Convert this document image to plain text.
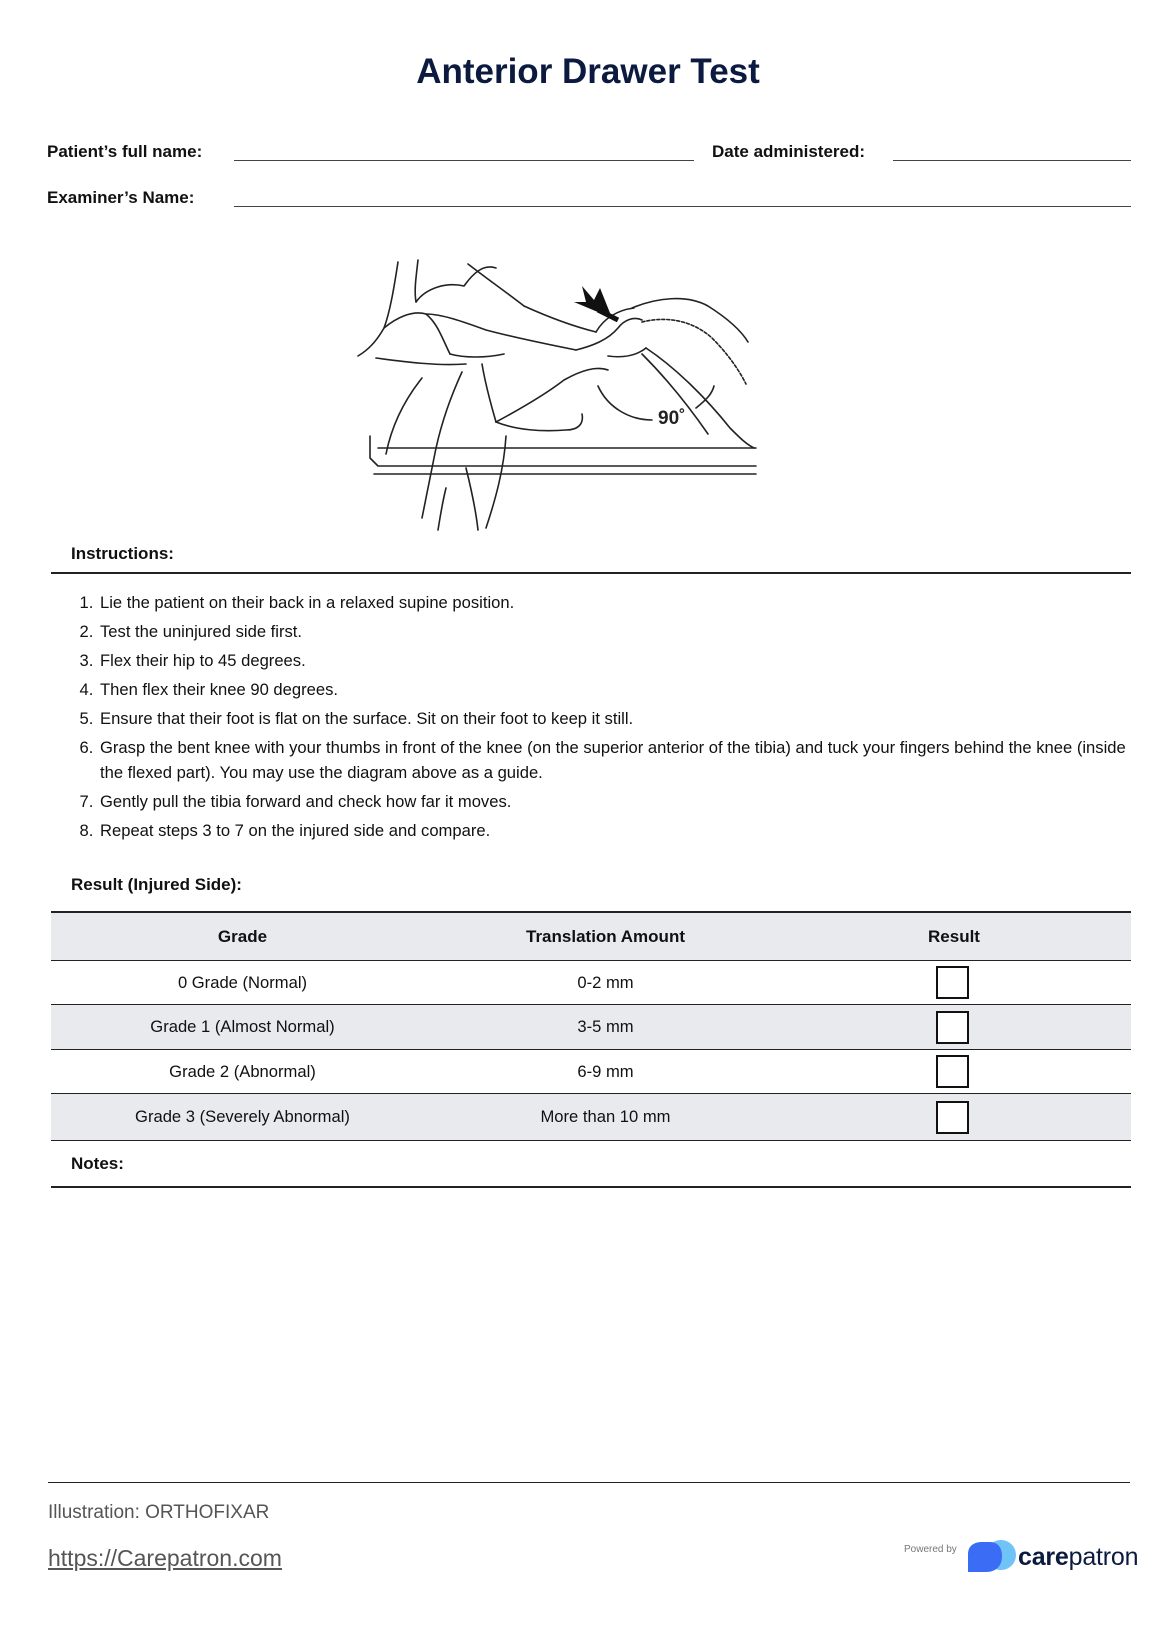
Anterior Drawer Test
Patient’s full name:	Date administered:
Examiner’s Name:
90˚
Instructions:
1. Lie the patient on their back in a relaxed supine position.
2. Test the uninjured side first.
3. Flex their hip to 45 degrees.
4. Then flex their knee 90 degrees.
5. Ensure that their foot is flat on the surface. Sit on their foot to keep it still.
6. Grasp the bent knee with your thumbs in front of the knee (on the superior anterior of the tibia) and tuck your fingers behind the knee (inside the flexed part). You may use the diagram above as a guide.
7. Gently pull the tibia forward and check how far it moves.
8. Repeat steps 3 to 7 on the injured side and compare.
Result (Injured Side):
Grade	Translation Amount	Result
0 Grade (Normal)	0-2 mm	
Grade 1 (Almost Normal)	3-5 mm	
Grade 2 (Abnormal)	6-9 mm	
Grade 3 (Severely Abnormal)	More than 10 mm	
Notes:
Illustration: ORTHOFIXAR
https://Carepatron.com	Powered by carepatron
